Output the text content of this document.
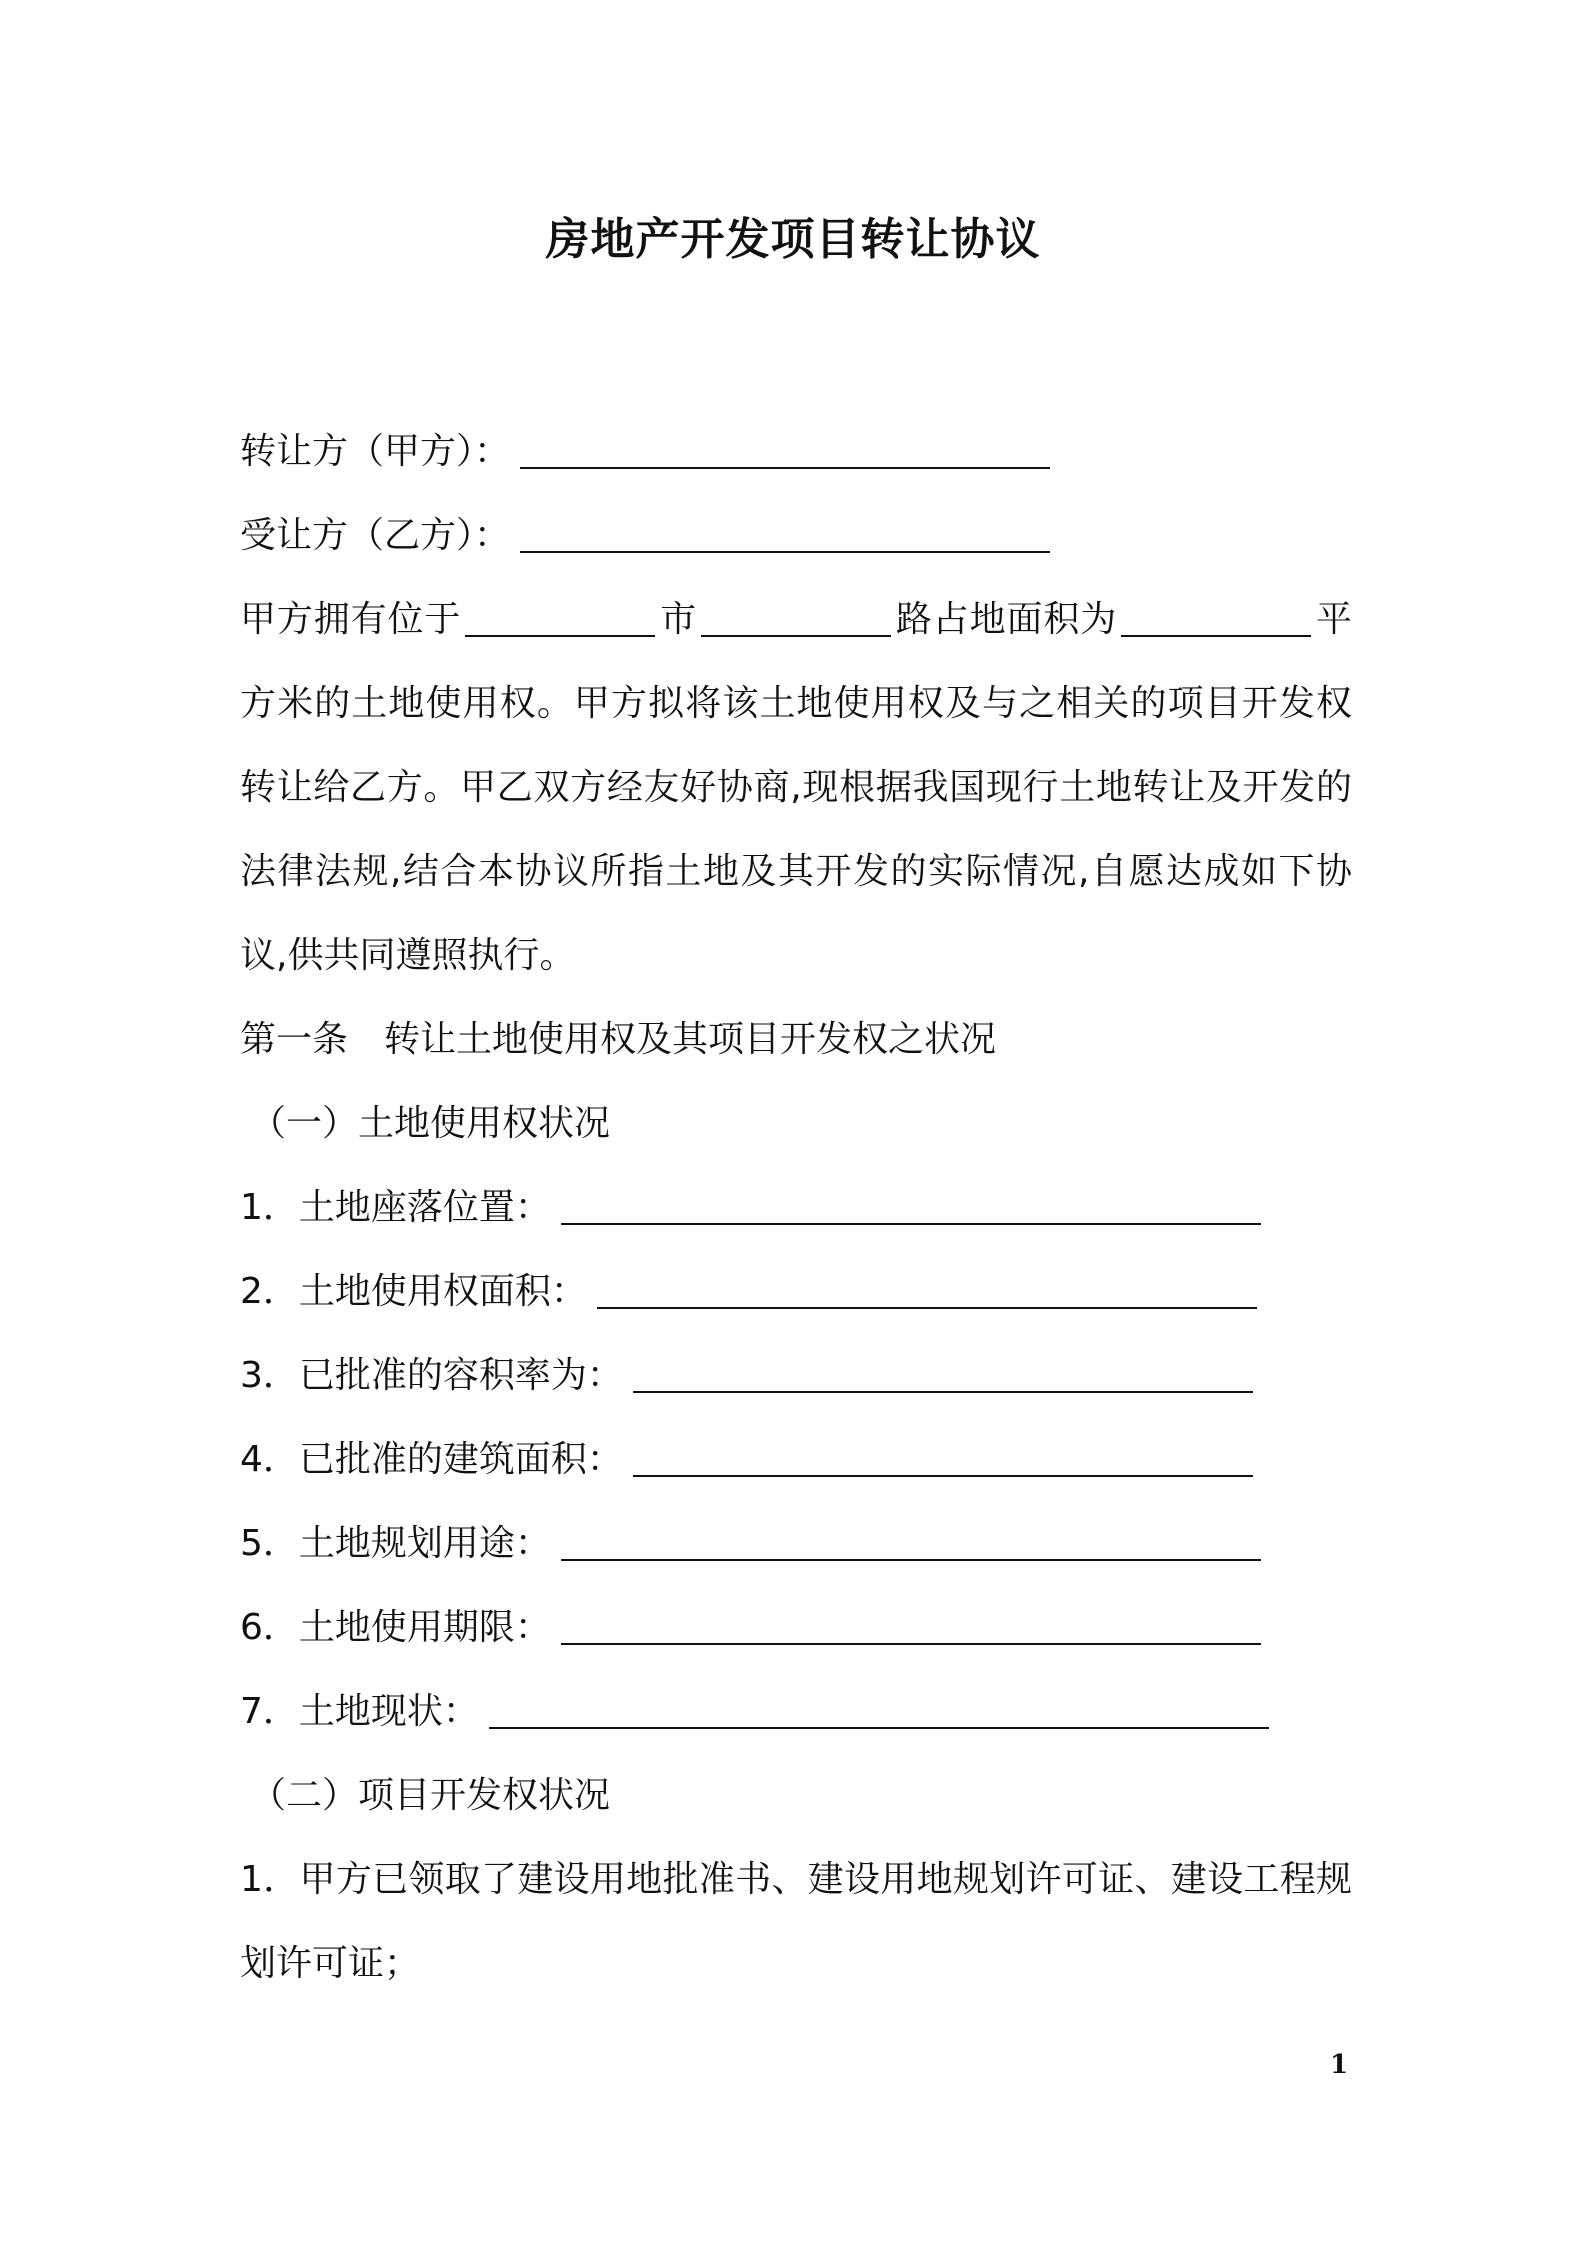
房地产开发项目转让协议
转让方（甲方）：
受让方（乙方）：
甲方拥有位于	市	路占地面积为	平方米的土地使用权。甲方拟将该土地使用权及与之相关的项目开发权转让给乙方。甲乙双方经友好协商,现根据我国现行土地转让及开发的法律法规,结合本协议所指土地及其开发的实际情况,自愿达成如下协议,供共同遵照执行。
第一条　转让土地使用权及其项目开发权之状况
（一）土地使用权状况
1．土地座落位置：
2．土地使用权面积：
3．已批准的容积率为：
4．已批准的建筑面积：
5．土地规划用途：
6．土地使用期限：
7．土地现状：
（二）项目开发权状况
1．甲方已领取了建设用地批准书、建设用地规划许可证、建设工程规划许可证；
1
